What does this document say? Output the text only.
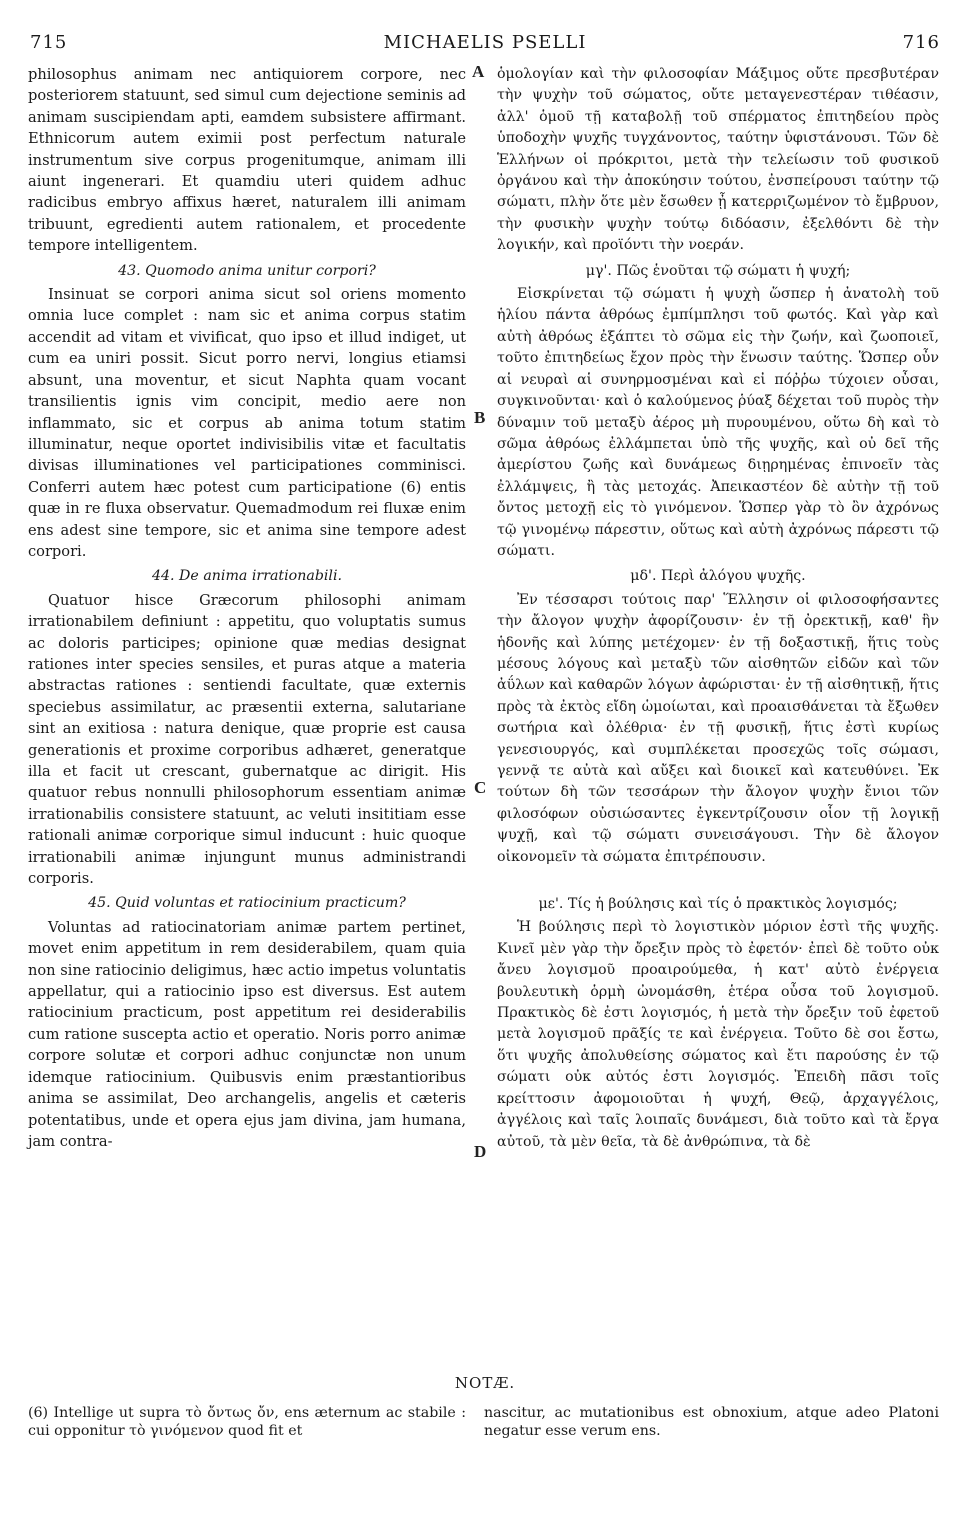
715	MICHAELIS PSELLI	716
A
B
C
D

philosophus animam nec antiquiorem corpore, nec posteriorem statuunt, sed simul cum dejectione seminis ad animam suscipiendam apti, eamdem subsistere affirmant. Ethnicorum autem eximii post perfectum naturale instrumentum sive corpus progenitumque, animam illi aiunt ingenerari. Et quamdiu uteri quidem adhuc radicibus embryo affixus hæret, naturalem illi animam tribuunt, egredienti autem rationalem, et procedente tempore intelligentem.

43. Quomodo anima unitur corpori?

Insinuat se corpori anima sicut sol oriens momento omnia luce complet : nam sic et anima corpus statim accendit ad vitam et vivificat, quo ipso et illud indiget, ut cum ea uniri possit. Sicut porro nervi, longius etiamsi absunt, una moventur, et sicut Naphta quam vocant transilientis ignis vim concipit, medio aere non inflammato, sic et corpus ab anima totum statim illuminatur, neque oportet indivisibilis vitæ et facultatis divisas illuminationes vel participationes comminisci. Conferri autem hæc potest cum participatione (6) entis quæ in re fluxa observatur. Quemadmodum rei fluxæ enim ens adest sine tempore, sic et anima sine tempore adest corpori.

44. De anima irrationabili.

Quatuor hisce Græcorum philosophi animam irrationabilem definiunt : appetitu, quo voluptatis sumus ac doloris participes; opinione quæ medias designat rationes inter species sensiles, et puras atque a materia abstractas rationes : sentiendi facultate, quæ externis speciebus assimilatur, ac præsentii externa, salutariane sint an exitiosa : natura denique, quæ proprie est causa generationis et proxime corporibus adhæret, generatque illa et facit ut crescant, gubernatque ac dirigit. His quatuor rebus nonnulli philosophorum essentiam animæ irrationabilis consistere statuunt, ac veluti insititiam esse rationali animæ corporique simul inducunt : huic quoque irrationabili animæ injungunt munus administrandi corporis.

45. Quid voluntas et ratiocinium practicum?

Voluntas ad ratiocinatoriam animæ partem pertinet, movet enim appetitum in rem desiderabilem, quam quia non sine ratiocinio deligimus, hæc actio impetus voluntatis appellatur, qui a ratiocinio ipso est diversus. Est autem ratiocinium practicum, post appetitum rei desiderabilis cum ratione suscepta actio et operatio. Noris porro animæ corpore solutæ et corpori adhuc conjunctæ non unum idemque ratiocinium. Quibusvis enim præstantioribus anima se assimilat, Deo archangelis, angelis et cæteris potentatibus, unde et opera ejus jam divina, jam humana, jam contra-

ὁμολογίαν καὶ τὴν φιλοσοφίαν Μάξιμος οὔτε πρεσβυτέραν τὴν ψυχὴν τοῦ σώματος, οὔτε μεταγενεστέραν τιθέασιν, ἀλλ' ὁμοῦ τῇ καταβολῇ τοῦ σπέρματος ἐπιτηδείου πρὸς ὑποδοχὴν ψυχῆς τυγχάνοντος, ταύτην ὑφιστάνουσι. Τῶν δὲ Ἑλλήνων οἱ πρόκριτοι, μετὰ τὴν τελείωσιν τοῦ φυσικοῦ ὀργάνου καὶ τὴν ἀποκύησιν τούτου, ἐνσπείρουσι ταύτην τῷ σώματι, πλὴν ὅτε μὲν ἔσωθεν ᾖ κατερριζωμένον τὸ ἔμβρυον, τὴν φυσικὴν ψυχὴν τούτῳ διδόασιν, ἐξελθόντι δὲ τὴν λογικήν, καὶ προϊόντι τὴν νοεράν.

μγ'. Πῶς ἑνοῦται τῷ σώματι ἡ ψυχή;

Εἰσκρίνεται τῷ σώματι ἡ ψυχὴ ὥσπερ ἡ ἀνατολὴ τοῦ ἡλίου πάντα ἀθρόως ἐμπίμπλησι τοῦ φωτός. Καὶ γὰρ καὶ αὐτὴ ἀθρόως ἐξάπτει τὸ σῶμα εἰς τὴν ζωήν, καὶ ζωοποιεῖ, τοῦτο ἐπιτηδείως ἔχον πρὸς τὴν ἕνωσιν ταύτης. Ὥσπερ οὖν αἱ νευραὶ αἱ συνηρμοσμέναι καὶ εἰ πόῤῥω τύχοιεν οὖσαι, συγκινοῦνται· καὶ ὁ καλούμενος ῥύαξ δέχεται τοῦ πυρὸς τὴν δύναμιν τοῦ μεταξὺ ἀέρος μὴ πυρουμένου, οὕτω δὴ καὶ τὸ σῶμα ἀθρόως ἐλλάμπεται ὑπὸ τῆς ψυχῆς, καὶ οὐ δεῖ τῆς ἀμερίστου ζωῆς καὶ δυνάμεως διῃρημένας ἐπινοεῖν τὰς ἐλλάμψεις, ἢ τὰς μετοχάς. Ἀπεικαστέον δὲ αὐτὴν τῇ τοῦ ὄντος μετοχῇ εἰς τὸ γινόμενον. Ὥσπερ γὰρ τὸ ὂν ἀχρόνως τῷ γινομένῳ πάρεστιν, οὕτως καὶ αὐτὴ ἀχρόνως πάρεστι τῷ σώματι.

μδ'. Περὶ ἀλόγου ψυχῆς.

Ἐν τέσσαρσι τούτοις παρ' Ἕλλησιν οἱ φιλοσοφήσαντες τὴν ἄλογον ψυχὴν ἀφορίζουσιν· ἐν τῇ ὀρεκτικῇ, καθ' ἣν ἡδονῆς καὶ λύπης μετέχομεν· ἐν τῇ δοξαστικῇ, ἥτις τοὺς μέσους λόγους καὶ μεταξὺ τῶν αἰσθητῶν εἰδῶν καὶ τῶν ἀΰλων καὶ καθαρῶν λόγων ἀφώρισται· ἐν τῇ αἰσθητικῇ, ἥτις πρὸς τὰ ἐκτὸς εἴδη ὡμοίωται, καὶ προαισθάνεται τὰ ἔξωθεν σωτήρια καὶ ὀλέθρια· ἐν τῇ φυσικῇ, ἥτις ἐστὶ κυρίως γενεσιουργός, καὶ συμπλέκεται προσεχῶς τοῖς σώμασι, γεννᾷ τε αὐτὰ καὶ αὔξει καὶ διοικεῖ καὶ κατευθύνει. Ἐκ τούτων δὴ τῶν τεσσάρων τὴν ἄλογον ψυχὴν ἔνιοι τῶν φιλοσόφων οὐσιώσαντες ἐγκεντρίζουσιν οἷον τῇ λογικῇ ψυχῇ, καὶ τῷ σώματι συνεισάγουσι. Τὴν δὲ ἄλογον οἰκονομεῖν τὰ σώματα ἐπιτρέπουσιν.

με'. Τίς ἡ βούλησις καὶ τίς ὁ πρακτικὸς λογισμός;

Ἡ βούλησις περὶ τὸ λογιστικὸν μόριον ἐστὶ τῆς ψυχῆς. Κινεῖ μὲν γὰρ τὴν ὄρεξιν πρὸς τὸ ἐφετόν· ἐπεὶ δὲ τοῦτο οὐκ ἄνευ λογισμοῦ προαιρούμεθα, ἡ κατ' αὐτὸ ἐνέργεια βουλευτικὴ ὁρμὴ ὠνομάσθη, ἑτέρα οὖσα τοῦ λογισμοῦ. Πρακτικὸς δὲ ἐστι λογισμός, ἡ μετὰ τὴν ὄρεξιν τοῦ ἐφετοῦ μετὰ λογισμοῦ πρᾶξίς τε καὶ ἐνέργεια. Τοῦτο δὲ σοι ἔστω, ὅτι ψυχῆς ἀπολυθείσης σώματος καὶ ἔτι παρούσης ἐν τῷ σώματι οὐκ αὐτός ἐστι λογισμός. Ἐπειδὴ πᾶσι τοῖς κρείττοσιν ἀφομοιοῦται ἡ ψυχή, Θεῷ, ἀρχαγγέλοις, ἀγγέλοις καὶ ταῖς λοιπαῖς δυνάμεσι, διὰ τοῦτο καὶ τὰ ἔργα αὐτοῦ, τὰ μὲν θεῖα, τὰ δὲ ἀνθρώπινα, τὰ δὲ

NOTÆ.
(6) Intellige ut supra τὸ ὄντως ὄν, ens æternum ac stabile : cui opponitur τὸ γινόμενον quod fit et
nascitur, ac mutationibus est obnoxium, atque adeo Platoni negatur esse verum ens.
